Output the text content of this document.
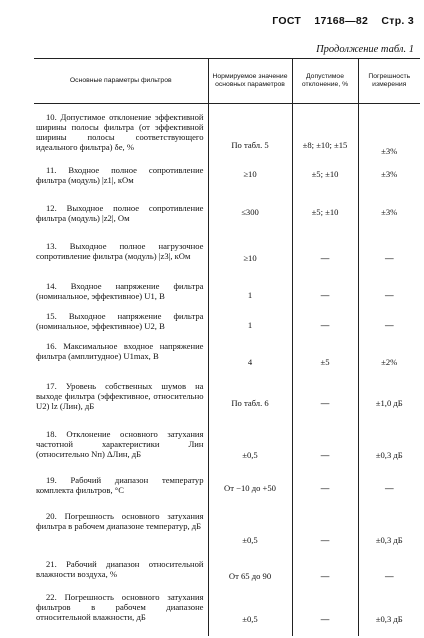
ГОСТ 17168—82 Стр. 3
Продолжение табл. 1
Основные параметры фильтров	Нормируемое значение основных параметров	Допустимое отклонение, %	Погрешность измерения

10. Допустимое отклонение эффективной ширины полосы фильтра (от эффективной ширины полосы соответствующего идеального фильтра) δe, %	По табл. 5	±8; ±10; ±15	±3%

11. Входное полное сопротивление фильтра (модуль) |z1|, кОм	≥10	±5; ±10	±3%

12. Выходное полное сопротивление фильтра (модуль) |z2|, Ом	≤300	±5; ±10	±3%

13. Выходное полное нагрузочное сопротивление фильтра (модуль) |z3|, кОм	≥10	—	—

14. Входное напряжение фильтра (номинальное, эффективное) U1, В	1	—	—

15. Выходное напряжение фильтра (номинальное, эффективное) U2, В	1	—	—

16. Максимальное входное напряжение фильтра (амплитудное) U1max, В	4	±5	±2%

17. Уровень собственных шумов на выходе фильтра (эффективное, относительно U2) lz (Лин), дБ	По табл. 6	—	±1,0 дБ

18. Отклонение основного затухания частотной характеристики Лин (относительно Nп) ΔЛин, дБ	±0,5	—	±0,3 дБ

19. Рабочий диапазон температур комплекта фильтров, °С	От −10 до +50	—	—

20. Погрешность основного затухания фильтра в рабочем диапазоне температур, дБ	±0,5	—	±0,3 дБ

21. Рабочий диапазон относительной влажности воздуха, %	От 65 до 90	—	—

22. Погрешность основного затухания фильтров в рабочем диапазоне относительной влажности, дБ	±0,5	—	±0,3 дБ
